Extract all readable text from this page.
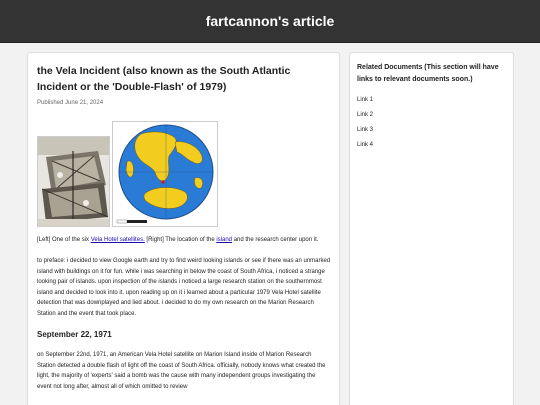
fartcannon's article
the Vela Incident (also known as the South Atlantic Incident or the 'Double-Flash' of 1979)
Published June 21, 2024
[Left] One of the six Vela Hotel satellites. [Right] The location of the island and the research center upon it.

to preface: i decided to view Google earth and try to find weird looking islands or see if there was an unmarked island with buildings on it for fun. while i was searching in below the coast of South Africa, i noticed a strange looking pair of islands. upon inspection of the islands i noticed a large research station on the southernmost island and decided to look into it. upon reading up on it i learned about a particular 1979 Vela Hotel satellite detection that was downplayed and lied about. i decided to do my own research on the Marion Research Station and the event that took place.

September 22, 1971

on September 22nd, 1971, an American Vela Hotel satellite on Marion Island inside of Marion Research Station detected a double flash of light off the coast of South Africa. officially, nobody knows what created the light, the majority of 'experts' said a bomb was the cause with many independent groups investigating the event not long after, almost all of which omitted to review

Related Documents (This section will have links to relevant documents soon.)
Link 1
Link 2
Link 3
Link 4
